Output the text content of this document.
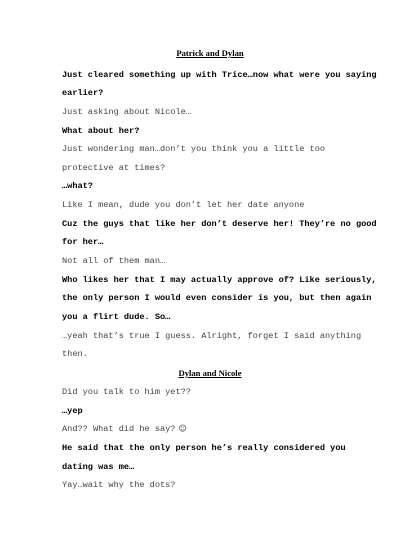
Patrick and Dylan
Just cleared something up with Trice…now what were you saying
earlier?
Just asking about Nicole…
What about her?
Just wondering man…don’t you think you a little too
protective at times?
…what?
Like I mean, dude you don’t let her date anyone
Cuz the guys that like her don’t deserve her! They’re no good
for her…
Not all of them man…
Who likes her that I may actually approve of? Like seriously,
the only person I would even consider is you, but then again
you a flirt dude. So…
…yeah that’s true I guess. Alright, forget I said anything
then.
Dylan and Nicole
Did you talk to him yet??
…yep
And?? What did he say? ☺
He said that the only person he’s really considered you
dating was me…
Yay…wait why the dots?
